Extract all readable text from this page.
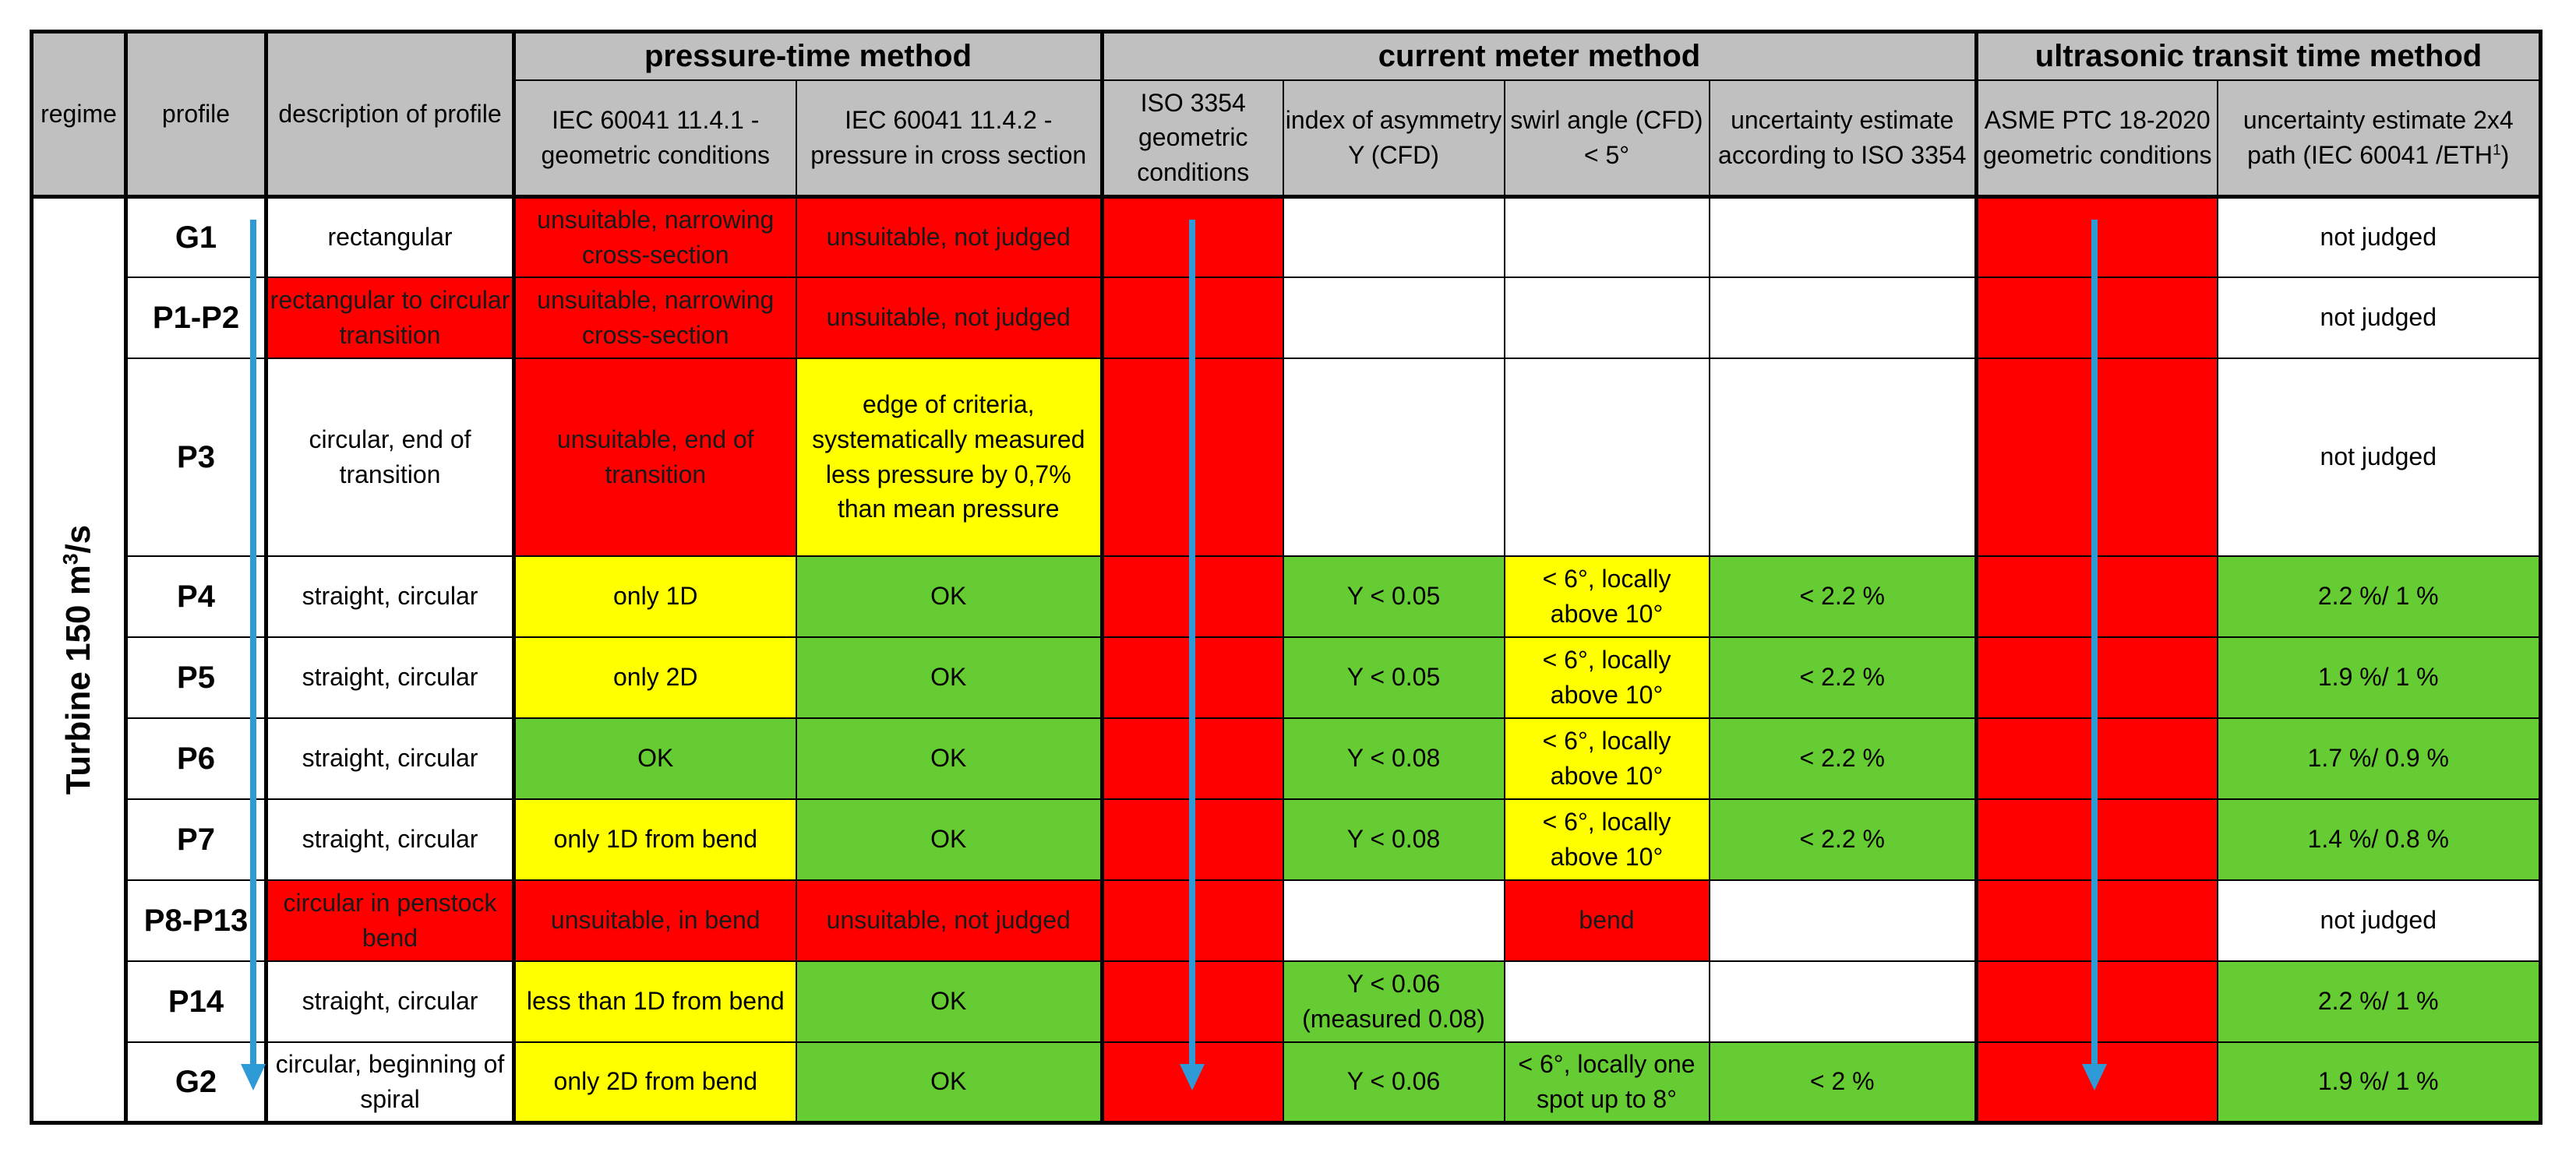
regime	profile	description of profile	pressure-time method		current meter method				ultrasonic transit time method	
			IEC 60041 11.4.1 - geometric conditions	IEC 60041 11.4.2 - pressure in cross section	ISO 3354 geometric conditions	index of asymmetry Y (CFD)	swirl angle (CFD) < 5°	uncertainty estimate according to ISO 3354	ASME PTC 18-2020 geometric conditions	uncertainty estimate 2x4 path (IEC 60041 /ETH$^1$)

Turbine 150 $m^3/s$	G1	rectangular	unsuitable, narrowing cross-section	unsuitable, not judged						not judged
	P1-P2	rectangular to circular transition	unsuitable, narrowing cross-section	unsuitable, not judged						not judged
	P3	circular, end of transition	unsuitable, end of transition	edge of criteria, systematically measured less pressure by 0,7% than mean pressure						not judged
	P4	straight, circular	only 1D	OK		Y < 0.05	< 6°, locally above 10°	< 2.2 %		2.2 %/ 1 %
	P5	straight, circular	only 2D	OK		Y < 0.05	< 6°, locally above 10°	< 2.2 %		1.9 %/ 1 %
	P6	straight, circular	OK	OK		Y < 0.08	< 6°, locally above 10°	< 2.2 %		1.7 %/ 0.9 %
	P7	straight, circular	only 1D from bend	OK		Y < 0.08	< 6°, locally above 10°	< 2.2 %		1.4 %/ 0.8 %
	P8-P13	circular in penstock bend	unsuitable, in bend	unsuitable, not judged			bend			not judged
	P14	straight, circular	less than 1D from bend	OK		Y < 0.06 (measured 0.08)				2.2 %/ 1 %
	G2	circular, beginning of spiral	only 2D from bend	OK		Y < 0.06	< 6°, locally one spot up to 8°	< 2 %		1.9 %/ 1 %
